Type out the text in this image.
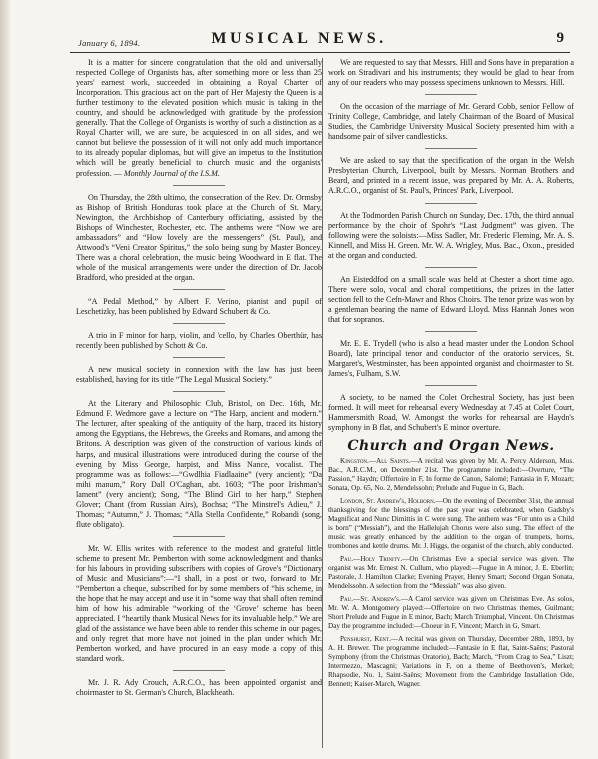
January 6, 1894.	MUSICAL NEWS.	9

It is a matter for sincere congratulation that the old and universally respected College of Organists has, after something more or less than 25 years' earnest work, succeeded in obtaining a Royal Charter of Incorporation. This gracious act on the part of Her Majesty the Queen is a further testimony to the elevated position which music is taking in the country, and should be acknowledged with gratitude by the profession generally. That the College of Organists is worthy of such a distinction as a Royal Charter will, we are sure, be acquiesced in on all sides, and we cannot but believe the possession of it will not only add much importance to its already popular diplomas, but will give an impetus to the Institution which will be greatly beneficial to church music and the organists' profession. — Monthly Journal of the I.S.M.

On Thursday, the 28th ultimo, the consecration of the Rev. Dr. Ormsby as Bishop of British Honduras took place at the Church of St. Mary, Newington, the Archbishop of Canterbury officiating, assisted by the Bishops of Winchester, Rochester, etc. The anthems were “Now we are ambassadors” and “How lovely are the messengers” (St. Paul), and Attwood's “Veni Creator Spiritus,” the solo being sung by Master Boncey. There was a choral celebration, the music being Woodward in E flat. The whole of the musical arrangements were under the direction of Dr. Jacob Bradford, who presided at the organ.

“A Pedal Method,” by Albert F. Verino, pianist and pupil of Leschetizky, has been published by Edward Schubert & Co.

A trio in F minor for harp, violin, and 'cello, by Charles Oberthür, has recently been published by Schott & Co.

A new musical society in connexion with the law has just been established, having for its title “The Legal Musical Society.”

At the Literary and Philosophic Club, Bristol, on Dec. 16th, Mr. Edmund F. Wedmore gave a lecture on “The Harp, ancient and modern.” The lecturer, after speaking of the antiquity of the harp, traced its history among the Egyptians, the Hebrews, the Greeks and Romans, and among the Britons. A description was given of the construction of various kinds of harps, and musical illustrations were introduced during the course of the evening by Miss George, harpist, and Miss Nance, vocalist. The programme was as follows:—“Gwdlhia Fiadlaaine” (very ancient); “Da mihi manum,” Rory Dall O'Caghan, abt. 1603; “The poor Irishman's lament” (very ancient); Song, “The Blind Girl to her harp,” Stephen Glover; Chant (from Russian Airs), Bochsa; “The Minstrel's Adieu,” J. Thomas; “Autumn,” J. Thomas; “Alla Stella Confidente,” Robandi (song, flute obligato).

Mr. W. Ellis writes with reference to the modest and grateful little scheme to present Mr. Pemberton with some acknowledgment and thanks for his labours in providing subscribers with copies of Grove's “Dictionary of Music and Musicians”:—“I shall, in a post or two, forward to Mr. “Pemberton a cheque, subscribed for by some members of “his scheme, in the hope that he may accept and use it in “some way that shall often remind him of how his admirable “working of the ‘Grove’ scheme has been appreciated. I “heartily thank Musical News for its invaluable help.” We are glad of the assistance we have been able to render this scheme in our pages, and only regret that more have not joined in the plan under which Mr. Pemberton worked, and have procured in an easy mode a copy of this standard work.

Mr. J. R. Ady Crouch, A.R.C.O., has been appointed organist and choirmaster to St. German's Church, Blackheath.

We are requested to say that Messrs. Hill and Sons have in preparation a work on Stradivari and his instruments; they would be glad to hear from any of our readers who may possess specimens unknown to Messrs. Hill.

On the occasion of the marriage of Mr. Gerard Cobb, senior Fellow of Trinity College, Cambridge, and lately Chairman of the Board of Musical Studies, the Cambridge University Musical Society presented him with a handsome pair of silver candlesticks.

We are asked to say that the specification of the organ in the Welsh Presbyterian Church, Liverpool, built by Messrs. Norman Brothers and Beard, and printed in a recent issue, was prepared by Mr. A. A. Roberts, A.R.C.O., organist of St. Paul's, Princes' Park, Liverpool.

At the Todmorden Parish Church on Sunday, Dec. 17th, the third annual performance by the choir of Spohr's “Last Judgment” was given. The following were the soloists:—Miss Sadler, Mr. Frederic Fleming, Mr. A. S. Kinnell, and Miss H. Green. Mr. W. A. Wrigley, Mus. Bac., Oxon., presided at the organ and conducted.

An Eisteddfod on a small scale was held at Chester a short time ago. There were solo, vocal and choral competitions, the prizes in the latter section fell to the Cefn-Mawr and Rhos Choirs. The tenor prize was won by a gentleman bearing the name of Edward Lloyd. Miss Hannah Jones won that for sopranos.

Mr. E. E. Trydell (who is also a head master under the London School Board), late principal tenor and conductor of the oratorio services, St. Margaret's, Westminster, has been appointed organist and choirmaster to St. James's, Fulham, S.W.

A society, to be named the Colet Orchestral Society, has just been formed. It will meet for rehearsal every Wednesday at 7.45 at Colet Court, Hammersmith Road, W. Amongst the works for rehearsal are Haydn's symphony in B flat, and Schubert's E minor overture.

Church and Organ News.

Kingston.—All Saints.—A recital was given by Mr. A. Percy Alderson, Mus. Bac., A.R.C.M., on December 21st. The programme included:—Overture, “The Passion,” Haydn; Offertoire in F, In forme de Canon, Salomé; Fantasia in F, Mozart; Sonata, Op. 65, No. 2, Mendelssohn; Prelude and Fugue in G, Bach.

London, St. Andrew's, Holborn.—On the evening of December 31st, the annual thanksgiving for the blessings of the past year was celebrated, when Gadsby's Magnificat and Nunc Dimittis in C were sung. The anthem was “For unto us a Child is born” (“Messiah”), and the Hallelujah Chorus were also sung. The effect of the music was greatly enhanced by the addition to the organ of trumpets, horns, trombones and kettle drums. Mr. J. Higgs, the organist of the church, ably conducted.

Pau.—Holy Trinity.—On Christmas Eve a special service was given. The organist was Mr. Ernest N. Cullum, who played:—Fugue in A minor, J. E. Eberlin; Pastorale, J. Hamilton Clarke; Evening Prayer, Henry Smart; Second Organ Sonata, Mendelssohn. A selection from the “Messiah” was also given.

Pau.—St. Andrew's.—A Carol service was given on Christmas Eve. As solos, Mr. W. A. Montgomery played:—Offertoire on two Christmas themes, Guilmant; Short Prelude and Fugue in E minor, Bach; March Triumphal, Vincent. On Christmas Day the programme included:—Choeur in F, Vincent; March in G, Smart.

Penshurst, Kent.—A recital was given on Thursday, December 28th, 1893, by A. H. Brewer. The programme included:—Fantasie in E flat, Saint-Saëns; Pastoral Symphony (from the Christmas Oratorio), Bach; March, “From Crag to Sea,” Liszt; Intermezzo, Mascagni; Variations in F, on a theme of Beethoven's, Merkel; Rhapsodie, No. 1, Saint-Saëns; Movement from the Cambridge Installation Ode, Bennett; Kaiser-March, Wagner.
